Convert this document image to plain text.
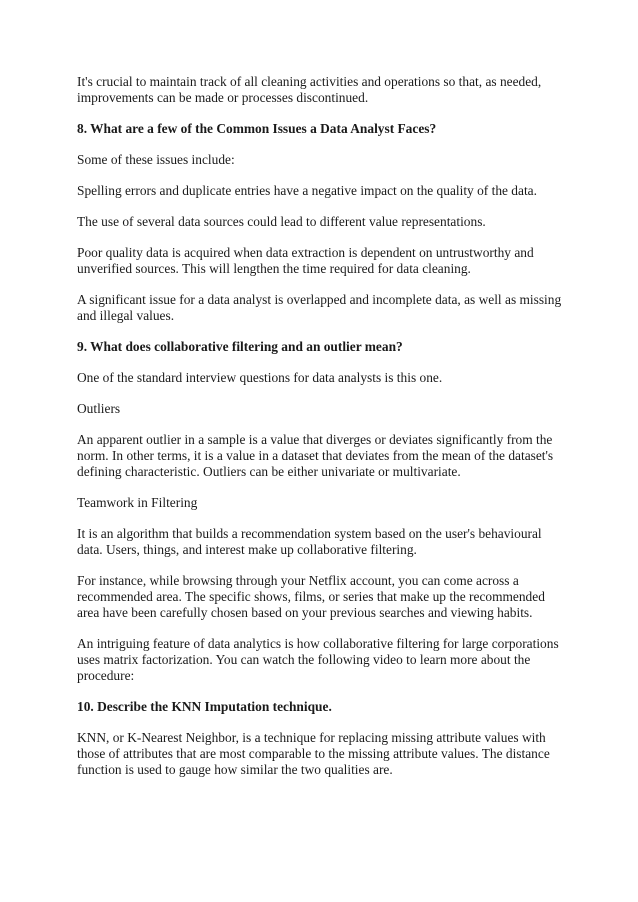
It's crucial to maintain track of all cleaning activities and operations so that, as needed, improvements can be made or processes discontinued.

8. What are a few of the Common Issues a Data Analyst Faces?

Some of these issues include:

Spelling errors and duplicate entries have a negative impact on the quality of the data.

The use of several data sources could lead to different value representations.

Poor quality data is acquired when data extraction is dependent on untrustworthy and unverified sources. This will lengthen the time required for data cleaning.

A significant issue for a data analyst is overlapped and incomplete data, as well as missing and illegal values.

9. What does collaborative filtering and an outlier mean?

One of the standard interview questions for data analysts is this one.

Outliers

An apparent outlier in a sample is a value that diverges or deviates significantly from the norm. In other terms, it is a value in a dataset that deviates from the mean of the dataset's defining characteristic. Outliers can be either univariate or multivariate.

Teamwork in Filtering

It is an algorithm that builds a recommendation system based on the user's behavioural data. Users, things, and interest make up collaborative filtering.

For instance, while browsing through your Netflix account, you can come across a recommended area. The specific shows, films, or series that make up the recommended area have been carefully chosen based on your previous searches and viewing habits.

An intriguing feature of data analytics is how collaborative filtering for large corporations uses matrix factorization. You can watch the following video to learn more about the procedure:

10. Describe the KNN Imputation technique.

KNN, or K-Nearest Neighbor, is a technique for replacing missing attribute values with those of attributes that are most comparable to the missing attribute values. The distance function is used to gauge how similar the two qualities are.
